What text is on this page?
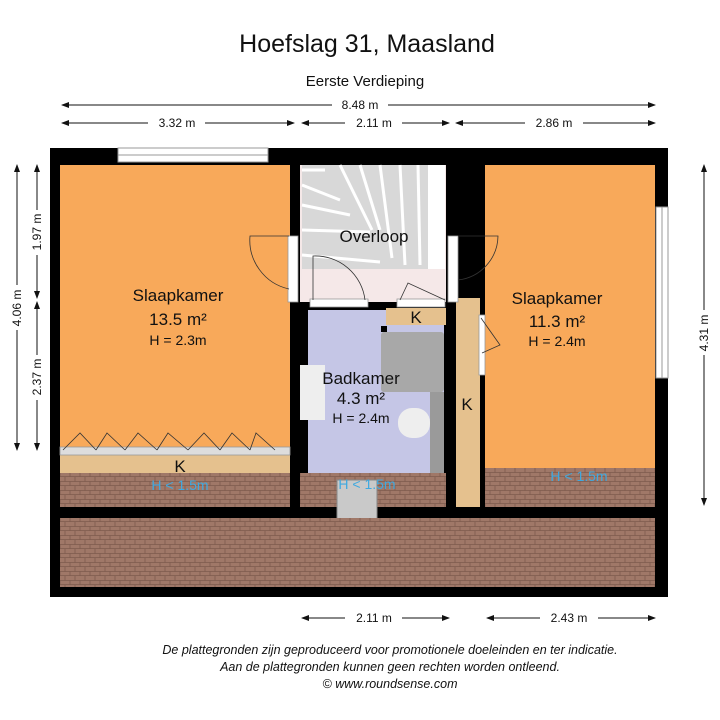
Hoefslag 31, Maasland
Eerste Verdieping
8.48 m
3.32 m	2.11 m	2.86 m
4.06 m
1.97 m
2.37 m
4.31 m
Slaapkamer
13.5 m²
H = 2.3m
Overloop
Badkamer
4.3 m²
H = 2.4m
Slaapkamer
11.3 m²
H = 2.4m
K
K
K
H < 1.5m	H < 1.5m	H < 1.5m
2.11 m	2.43 m
De plattegronden zijn geproduceerd voor promotionele doeleinden en ter indicatie.
Aan de plattegronden kunnen geen rechten worden ontleend.
© www.roundsense.com
